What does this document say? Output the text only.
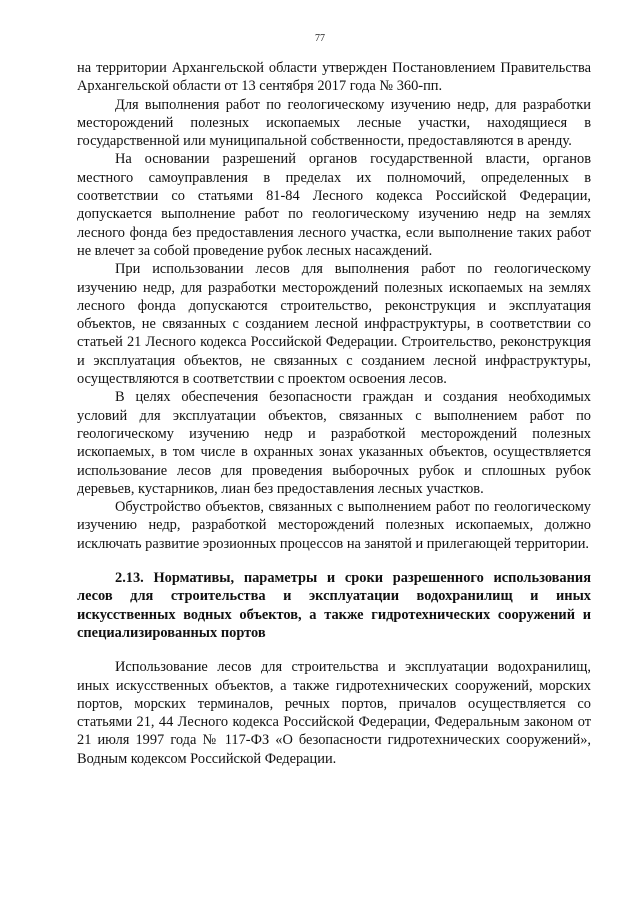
77

на территории Архангельской области утвержден Постановлением Правительства Архангельской области от 13 сентября 2017 года № 360-пп.

Для выполнения работ по геологическому изучению недр, для разработки месторождений полезных ископаемых лесные участки, находящиеся в государственной или муниципальной собственности, предоставляются в аренду.

На основании разрешений органов государственной власти, органов местного самоуправления в пределах их полномочий, определенных в соответствии со статьями 81-84 Лесного кодекса Российской Федерации, допускается выполнение работ по геологическому изучению недр на землях лесного фонда без предоставления лесного участка, если выполнение таких работ не влечет за собой проведение рубок лесных насаждений.

При использовании лесов для выполнения работ по геологическому изучению недр, для разработки месторождений полезных ископаемых на землях лесного фонда допускаются строительство, реконструкция и эксплуатация объектов, не связанных с созданием лесной инфраструктуры, в соответствии со статьей 21 Лесного кодекса Российской Федерации. Строительство, реконструкция и эксплуатация объектов, не связанных с созданием лесной инфраструктуры, осуществляются в соответствии с проектом освоения лесов.

В целях обеспечения безопасности граждан и создания необходимых условий для эксплуатации объектов, связанных с выполнением работ по геологическому изучению недр и разработкой месторождений полезных ископаемых, в том числе в охранных зонах указанных объектов, осуществляется использование лесов для проведения выборочных рубок и сплошных рубок деревьев, кустарников, лиан без предоставления лесных участков.

Обустройство объектов, связанных с выполнением работ по геологическому изучению недр, разработкой месторождений полезных ископаемых, должно исключать развитие эрозионных процессов на занятой и прилегающей территории.

2.13. Нормативы, параметры и сроки разрешенного использования лесов для строительства и эксплуатации водохранилищ и иных искусственных водных объектов, а также гидротехнических сооружений и специализированных портов

Использование лесов для строительства и эксплуатации водохранилищ, иных искусственных объектов, а также гидротехнических сооружений, морских портов, морских терминалов, речных портов, причалов осуществляется со статьями 21, 44 Лесного кодекса Российской Федерации, Федеральным законом от 21 июля 1997 года № 117-ФЗ «О безопасности гидротехнических сооружений», Водным кодексом Российской Федерации.
